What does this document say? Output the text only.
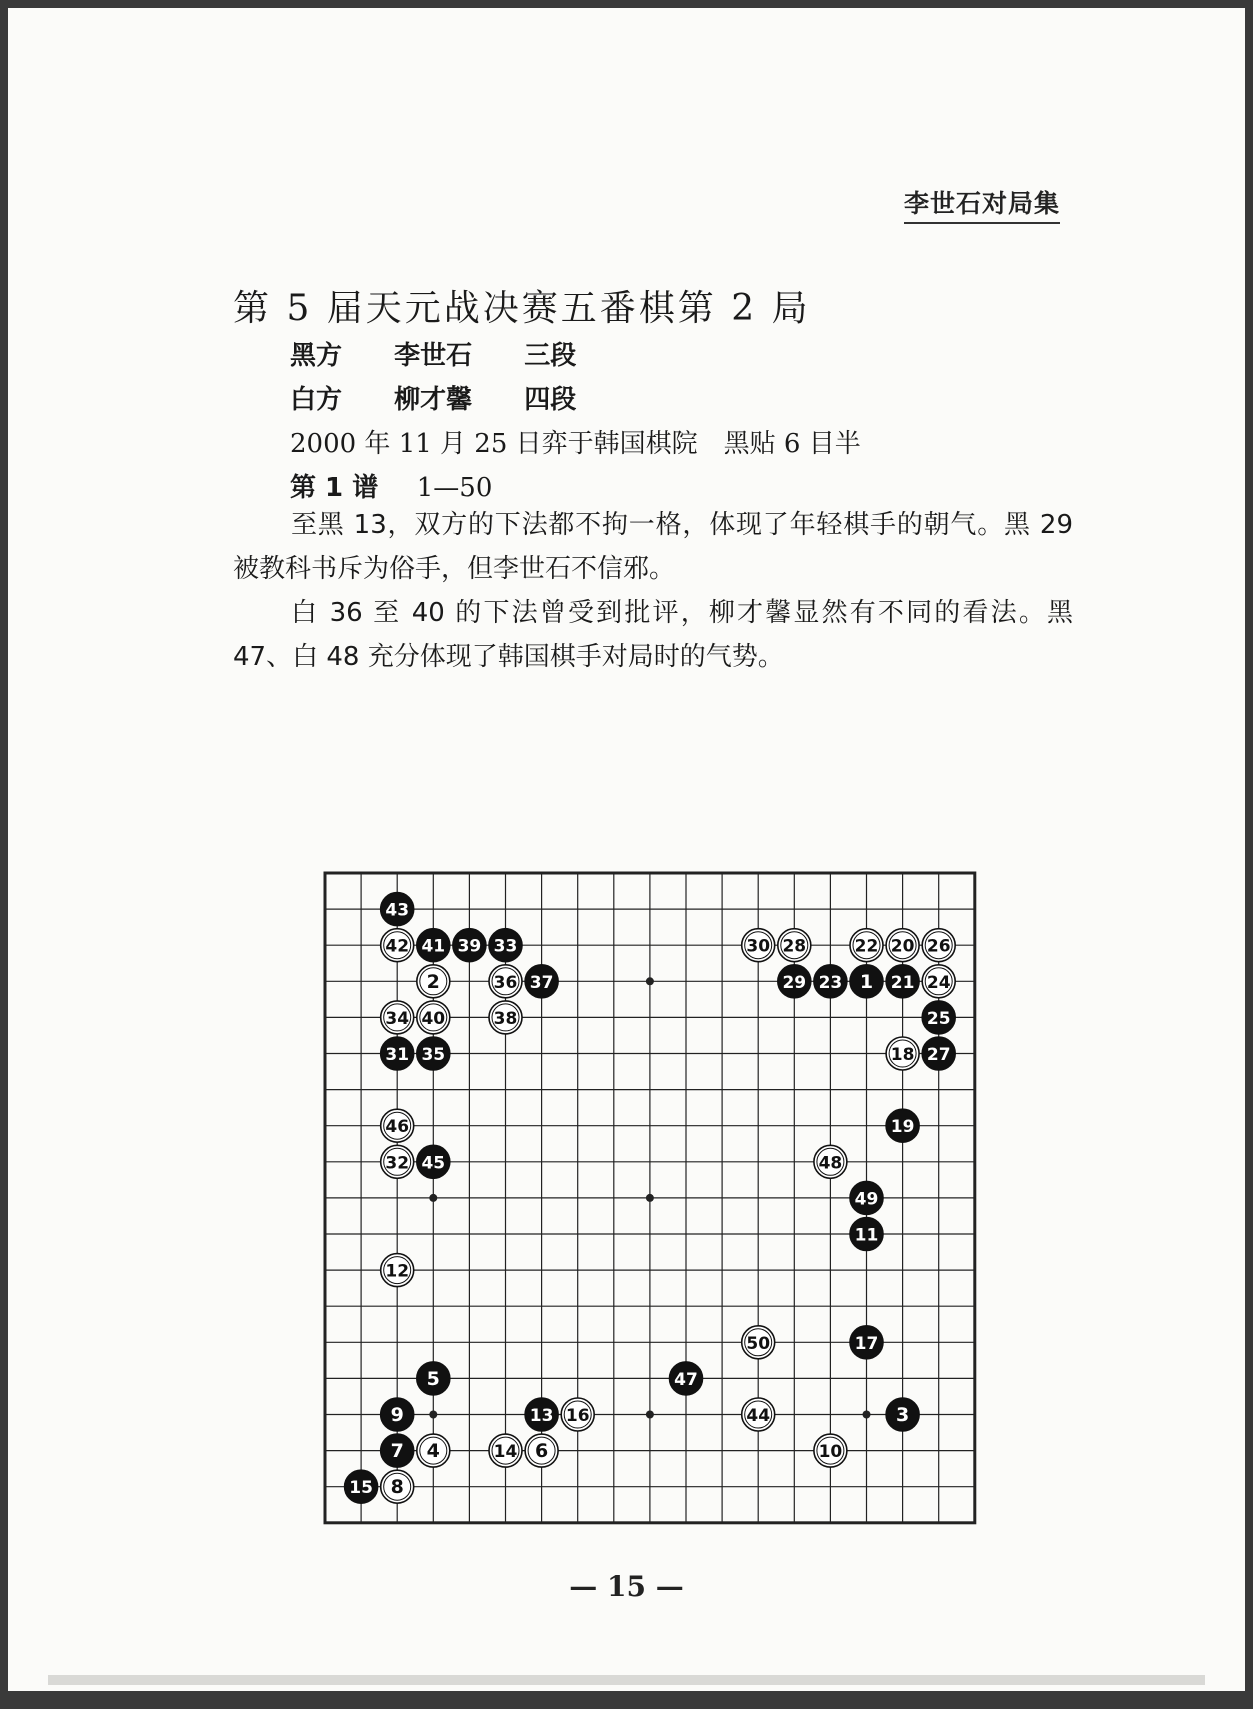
李世石对局集
第 5 届天元战决赛五番棋第 2 局
黑方 李世石 三段
白方 柳才馨 四段
2000 年 11 月 25 日弈于韩国棋院　黑贴 6 目半
第 1 谱 1—50
至黑 13，双方的下法都不拘一格，体现了年轻棋手的朝气。黑 29 被教科书斥为俗手，但李世石不信邪。
白 36 至 40 的下法曾受到批评，柳才馨显然有不同的看法。黑 47、白 48 充分体现了韩国棋手对局时的气势。
1
2
3
4
5
6
7
8
9
10
11
12
13
14
15
16
17
18
19
20
21
22
23	24
25
26
27
28
29
30
31
32
33
34
35
36 37
38
39
40
41
42
43
44
45
46
47
48
49
50
— 15 —
